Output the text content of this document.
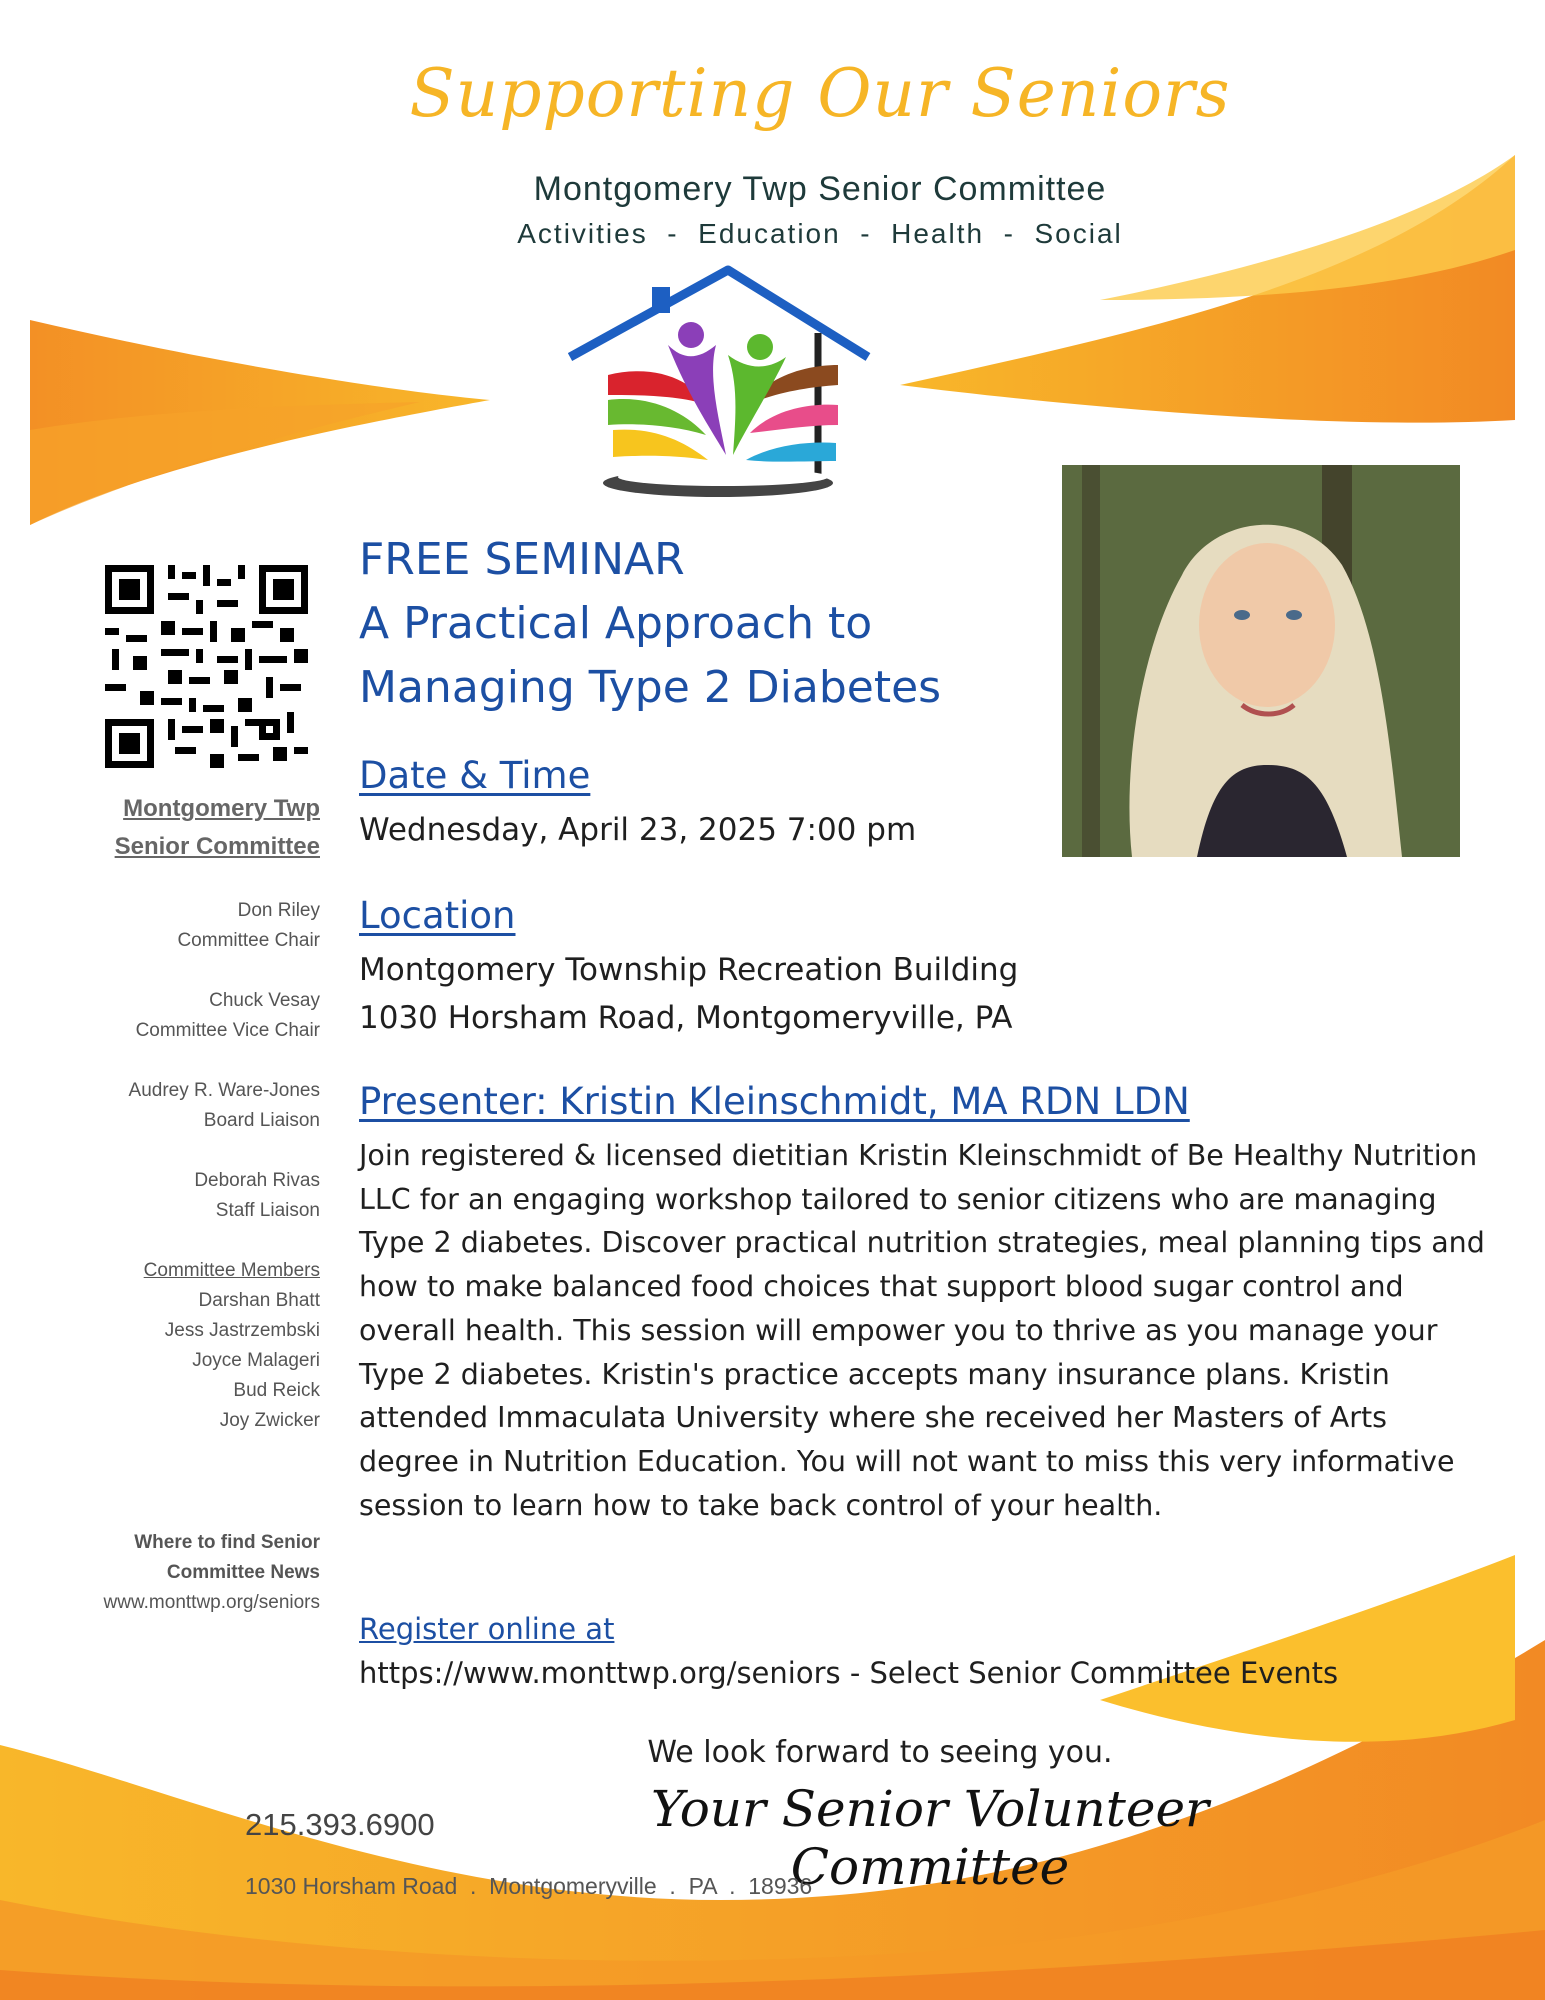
Supporting Our Seniors
Montgomery Twp Senior Committee
Activities  -  Education  -  Health  -  Social
Montgomery Twp
Senior Committee
Don Riley
Committee Chair
Chuck Vesay
Committee Vice Chair
Audrey R. Ware-Jones
Board Liaison
Deborah Rivas
Staff Liaison
Committee Members
Darshan Bhatt
Jess Jastrzembski
Joyce Malageri
Bud Reick
Joy Zwicker
Where to find Senior
Committee News
www.monttwp.org/seniors
FREE SEMINAR
A Practical Approach to
Managing Type 2 Diabetes
Date & Time
Wednesday, April 23, 2025 7:00 pm
Location
Montgomery Township Recreation Building
1030 Horsham Road, Montgomeryville, PA
Presenter: Kristin Kleinschmidt, MA RDN LDN
Join registered & licensed dietitian Kristin Kleinschmidt of Be Healthy Nutrition LLC for an engaging workshop tailored to senior citizens who are managing Type 2 diabetes. Discover practical nutrition strategies, meal planning tips and how to make balanced food choices that support blood sugar control and overall health. This session will empower you to thrive as you manage your Type 2 diabetes. Kristin's practice accepts many insurance plans. Kristin attended Immaculata University where she received her Masters of Arts degree in Nutrition Education. You will not want to miss this very informative session to learn how to take back control of your health.
Register online at
https://www.monttwp.org/seniors - Select Senior Committee Events
We look forward to seeing you.
Your Senior Volunteer Committee
215.393.6900
1030 Horsham Road  .  Montgomeryville  .  PA  .  18936
